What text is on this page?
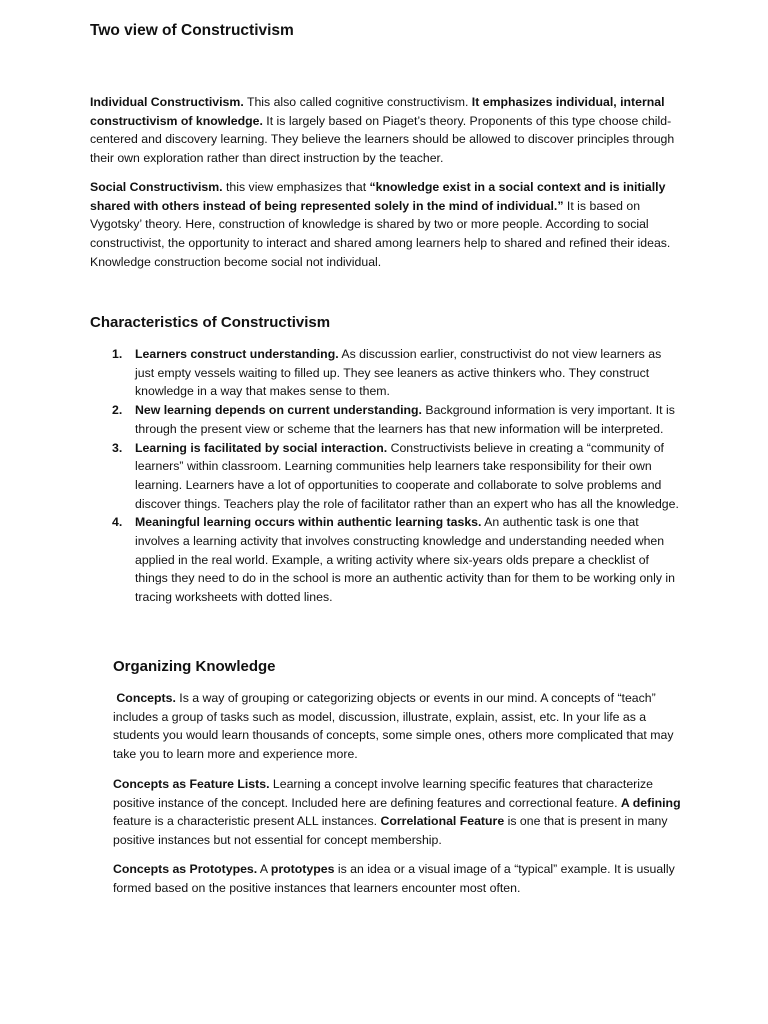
Two view of Constructivism

Individual Constructivism. This also called cognitive constructivism. It emphasizes individual, internal constructivism of knowledge. It is largely based on Piaget’s theory. Proponents of this type choose child-centered and discovery learning. They believe the learners should be allowed to discover principles through their own exploration rather than direct instruction by the teacher.

Social Constructivism. this view emphasizes that “knowledge exist in a social context and is initially shared with others instead of being represented solely in the mind of individual.” It is based on Vygotsky’ theory. Here, construction of knowledge is shared by two or more people. According to social constructivist, the opportunity to interact and shared among learners help to shared and refined their ideas. Knowledge construction become social not individual.

Characteristics of Constructivism
1. Learners construct understanding. As discussion earlier, constructivist do not view learners as just empty vessels waiting to filled up. They see leaners as active thinkers who. They construct knowledge in a way that makes sense to them.
2. New learning depends on current understanding. Background information is very important. It is through the present view or scheme that the learners has that new information will be interpreted.
3. Learning is facilitated by social interaction. Constructivists believe in creating a “community of learners” within classroom. Learning communities help learners take responsibility for their own learning. Learners have a lot of opportunities to cooperate and collaborate to solve problems and discover things. Teachers play the role of facilitator rather than an expert who has all the knowledge.
4. Meaningful learning occurs within authentic learning tasks. An authentic task is one that involves a learning activity that involves constructing knowledge and understanding needed when applied in the real world. Example, a writing activity where six-years olds prepare a checklist of things they need to do in the school is more an authentic activity than for them to be working only in tracing worksheets with dotted lines.
Organizing Knowledge

Concepts. Is a way of grouping or categorizing objects or events in our mind. A concepts of “teach” includes a group of tasks such as model, discussion, illustrate, explain, assist, etc. In your life as a students you would learn thousands of concepts, some simple ones, others more complicated that may take you to learn more and experience more.

Concepts as Feature Lists. Learning a concept involve learning specific features that characterize positive instance of the concept. Included here are defining features and correctional feature. A defining feature is a characteristic present ALL instances. Correlational Feature is one that is present in many positive instances but not essential for concept membership.

Concepts as Prototypes. A prototypes is an idea or a visual image of a “typical” example. It is usually formed based on the positive instances that learners encounter most often.
